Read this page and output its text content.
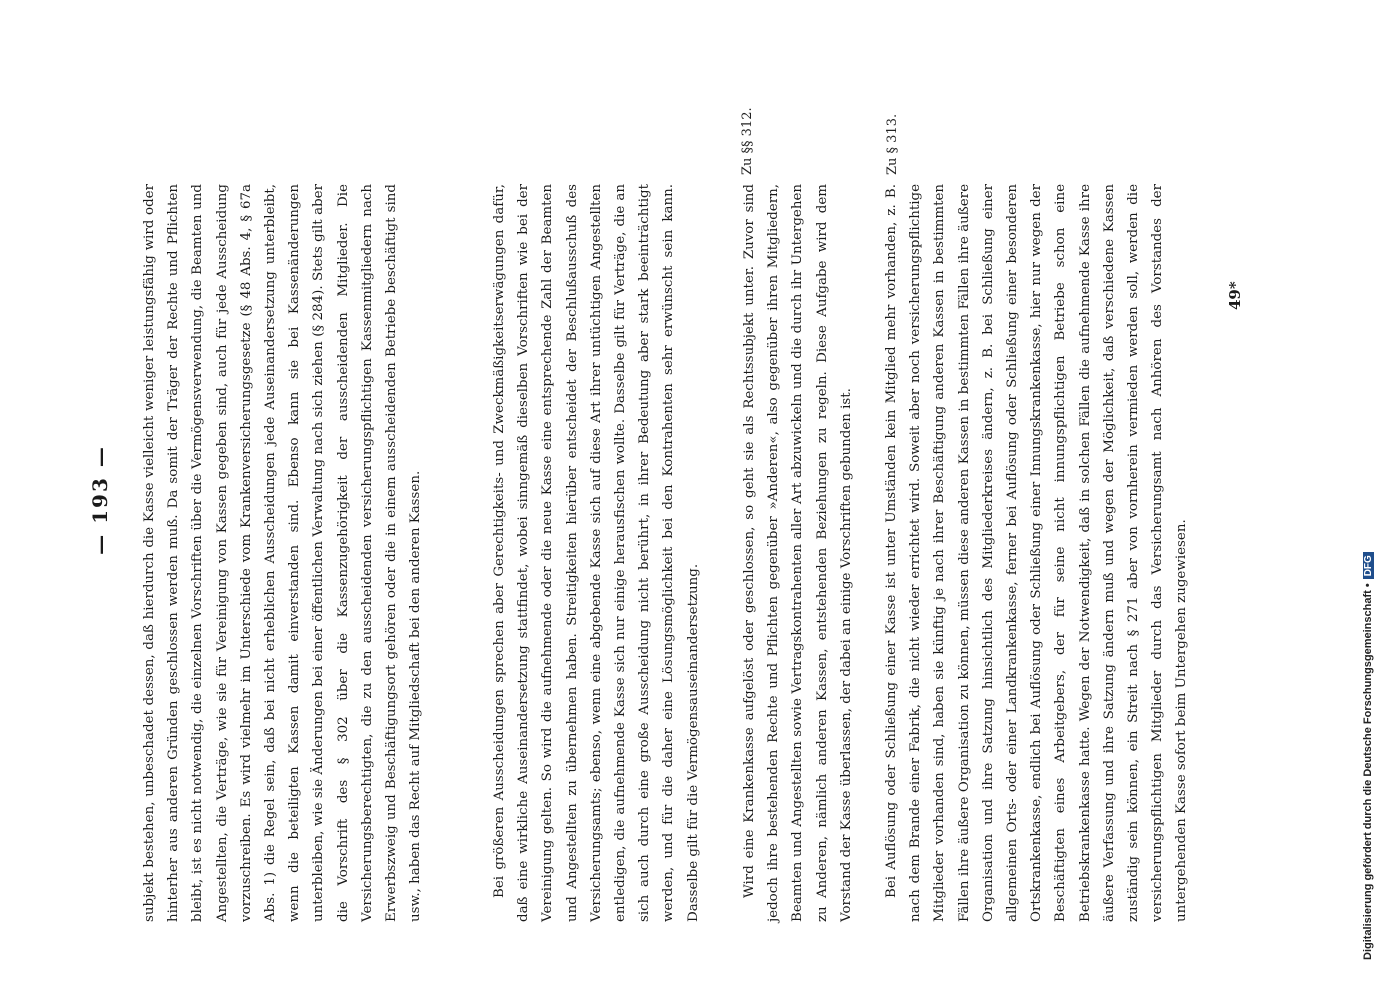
— 193 — subjekt bestehen, unbeschadet dessen, daß hierdurch die Kasse vielleicht weniger leistungsfähig wird oder hinterher aus anderen Gründen geschlossen werden muß. Da somit der Träger der Rechte und Pflichten bleibt, ist es nicht notwendig, die einzelnen Vorschriften über die Vermögensverwendung, die Beamten und Angestellten, die Verträge, wie sie für Vereinigung von Kassen gegeben sind, auch für jede Ausscheidung vorzuschreiben. Es wird vielmehr im Unterschiede vom Krankenversicherungsgesetze (§ 48 Abs. 4, § 67a Abs. 1) die Regel sein, daß bei nicht erheblichen Ausscheidungen jede Auseinandersetzung unterbleibt, wenn die beteiligten Kassen damit einverstanden sind. Ebenso kann sie bei Kassenänderungen unterbleiben, wie sie Änderungen bei einer öffentlichen Verwaltung nach sich ziehen (§ 284). Stets gilt aber die Vorschrift des § 302 über die Kassenzugehörigkeit der ausscheidenden Mitglieder. Die Versicherungsberechtigten, die zu den ausscheidenden versicherungspflichtigen Kassenmitgliedern nach Erwerbszweig und Beschäftigungsort gehören oder die in einem ausscheidenden Betriebe beschäftigt sind usw., haben das Recht auf Mitgliedschaft bei den anderen Kassen.	Bei größeren Ausscheidungen sprechen aber Gerechtigkeits- und Zweckmäßigkeitserwägungen dafür, daß eine wirkliche Auseinandersetzung stattfindet, wobei sinngemäß dieselben Vorschriften wie bei der Vereinigung gelten. So wird die aufnehmende oder die neue Kasse eine entsprechende Zahl der Beamten und Angestellten zu übernehmen haben. Streitigkeiten hierüber entscheidet der Beschlußausschuß des Versicherungsamts; ebenso, wenn eine abgebende Kasse sich auf diese Art ihrer untüchtigen Angestellten entledigen, die aufnehmende Kasse sich nur einige herausfischen wollte. Dasselbe gilt für Verträge, die an sich auch durch eine große Ausscheidung nicht berührt, in ihrer Bedeutung aber stark beeinträchtigt werden, und für die daher eine Lösungsmöglichkeit bei den Kontrahenten sehr erwünscht sein kann. Dasselbe gilt für die Vermögensauseinandersetzung.	Wird eine Krankenkasse aufgelöst oder geschlossen, so geht sie als Rechtssubjekt unter. Zuvor sind jedoch ihre bestehenden Rechte und Pflichten gegenüber »Anderen«, also gegenüber ihren Mitgliedern, Beamten und Angestellten sowie Vertragskontrahenten aller Art abzuwickeln und die durch ihr Untergehen zu Anderen, nämlich anderen Kassen, entstehenden Beziehungen zu regeln. Diese Aufgabe wird dem Vorstand der Kasse überlassen, der dabei an einige Vorschriften gebunden ist.	Bei Auflösung oder Schließung einer Kasse ist unter Umständen kein Mitglied mehr vorhanden, z. B. nach dem Brande einer Fabrik, die nicht wieder errichtet wird. Soweit aber noch versicherungspflichtige Mitglieder vorhanden sind, haben sie künftig je nach ihrer Beschäftigung anderen Kassen in bestimmten Fällen ihre äußere Organisation zu können, müssen diese anderen Kassen in bestimmten Fällen ihre äußere Organisation und ihre Satzung hinsichtlich des Mitgliederkreises ändern, z. B. bei Schließung einer allgemeinen Orts- oder einer Landkrankenkasse, ferner bei Auflösung oder Schließung einer besonderen Ortskrankenkasse, endlich bei Auflösung oder Schließung einer Innungskrankenkasse, hier nur wegen der Beschäftigten eines Arbeitgebers, der für seine nicht innungspflichtigen Betriebe schon eine Betriebskrankenkasse hatte. Wegen der Notwendigkeit, daß in solchen Fällen die aufnehmende Kasse ihre äußere Verfassung und ihre Satzung ändern muß und wegen der Möglichkeit, daß verschiedene Kassen zuständig sein können, ein Streit nach § 271 aber von vornherein vermieden werden soll, werden die versicherungspflichtigen Mitglieder durch das Versicherungsamt nach Anhören des Vorstandes der untergehenden Kasse sofort beim Untergehen zugewiesen.

Zu §§ 312.	Zu § 313.
49*
Digitalisierung gefördert durch die Deutsche Forschungsgemeinschaft •DFG
